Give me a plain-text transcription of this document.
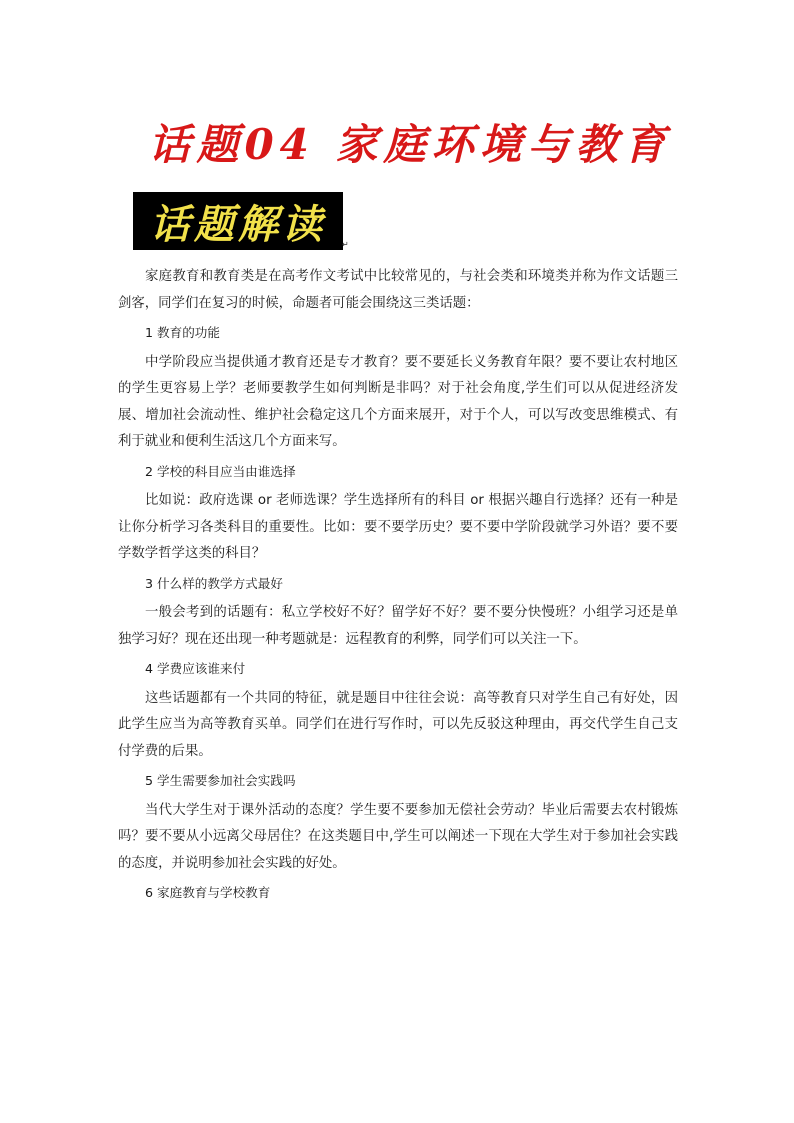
话题04 家庭环境与教育
话题解读 ↵

家庭教育和教育类是在高考作文考试中比较常见的，与社会类和环境类并称为作文话题三剑客，同学们在复习的时候，命题者可能会围绕这三类话题：

1 教育的功能

中学阶段应当提供通才教育还是专才教育？要不要延长义务教育年限？要不要让农村地区的学生更容易上学？老师要教学生如何判断是非吗？对于社会角度,学生们可以从促进经济发展、增加社会流动性、维护社会稳定这几个方面来展开，对于个人，可以写改变思维模式、有利于就业和便利生活这几个方面来写。

2 学校的科目应当由谁选择

比如说：政府选课 or 老师选课？学生选择所有的科目 or 根据兴趣自行选择？还有一种是让你分析学习各类科目的重要性。比如：要不要学历史？要不要中学阶段就学习外语？要不要学数学哲学这类的科目？

3 什么样的教学方式最好

一般会考到的话题有：私立学校好不好？留学好不好？要不要分快慢班？小组学习还是单独学习好？现在还出现一种考题就是：远程教育的利弊，同学们可以关注一下。

4 学费应该谁来付

这些话题都有一个共同的特征，就是题目中往往会说：高等教育只对学生自己有好处，因此学生应当为高等教育买单。同学们在进行写作时，可以先反驳这种理由，再交代学生自己支付学费的后果。

5 学生需要参加社会实践吗

当代大学生对于课外活动的态度？学生要不要参加无偿社会劳动？毕业后需要去农村锻炼吗？要不要从小远离父母居住？在这类题目中,学生可以阐述一下现在大学生对于参加社会实践的态度，并说明参加社会实践的好处。

6 家庭教育与学校教育
